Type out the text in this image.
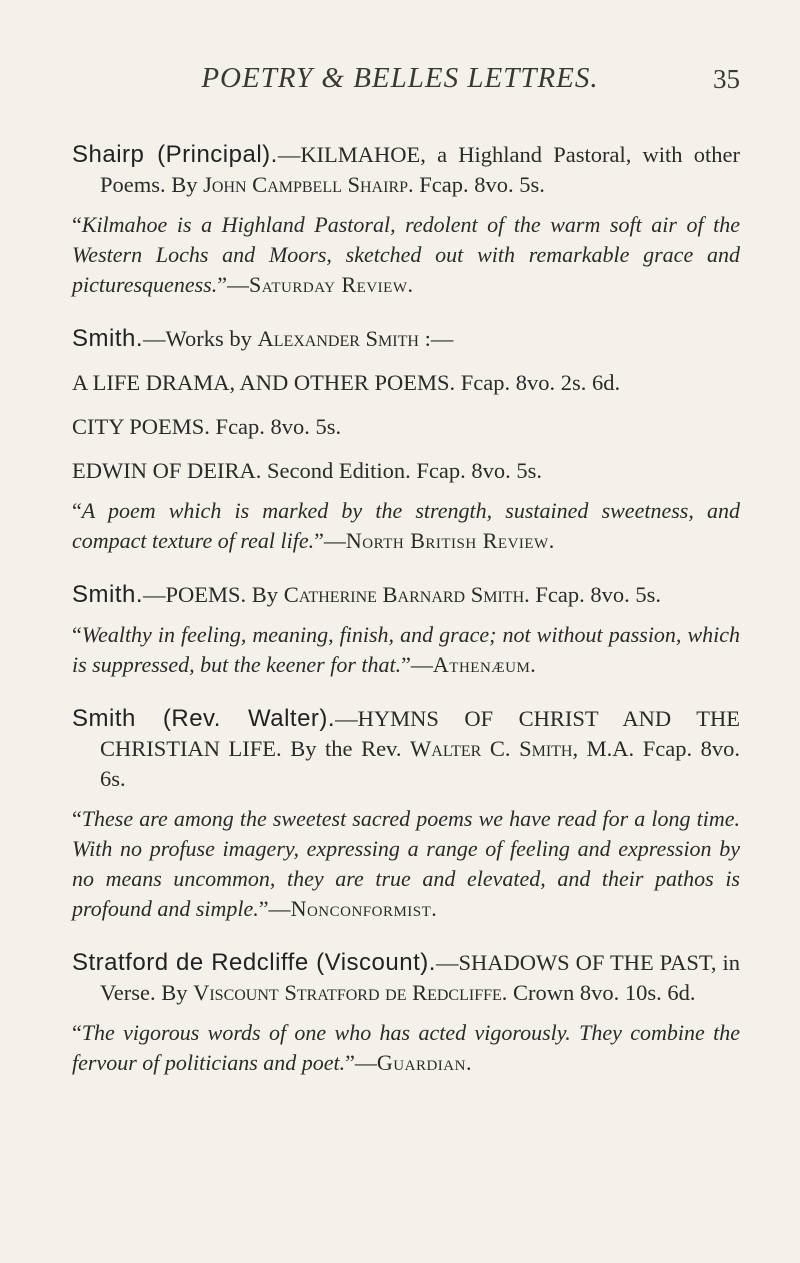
POETRY & BELLES LETTRES.	35

Shairp (Principal).—KILMAHOE, a Highland Pastoral, with other Poems. By John Campbell Shairp. Fcap. 8vo. 5s.

“Kilmahoe is a Highland Pastoral, redolent of the warm soft air of the Western Lochs and Moors, sketched out with remarkable grace and picturesqueness.”—Saturday Review.

Smith.—Works by Alexander Smith :—

A LIFE DRAMA, AND OTHER POEMS. Fcap. 8vo. 2s. 6d.

CITY POEMS. Fcap. 8vo. 5s.

EDWIN OF DEIRA. Second Edition. Fcap. 8vo. 5s.

“A poem which is marked by the strength, sustained sweetness, and compact texture of real life.”—North British Review.

Smith.—POEMS. By Catherine Barnard Smith. Fcap. 8vo. 5s.

“Wealthy in feeling, meaning, finish, and grace; not without passion, which is suppressed, but the keener for that.”—Athenæum.

Smith (Rev. Walter).—HYMNS OF CHRIST AND THE CHRISTIAN LIFE. By the Rev. Walter C. Smith, M.A. Fcap. 8vo. 6s.

“These are among the sweetest sacred poems we have read for a long time. With no profuse imagery, expressing a range of feeling and expression by no means uncommon, they are true and elevated, and their pathos is profound and simple.”—Nonconformist.

Stratford de Redcliffe (Viscount).—SHADOWS OF THE PAST, in Verse. By Viscount Stratford de Redcliffe. Crown 8vo. 10s. 6d.

“The vigorous words of one who has acted vigorously. They combine the fervour of politicians and poet.”—Guardian.
